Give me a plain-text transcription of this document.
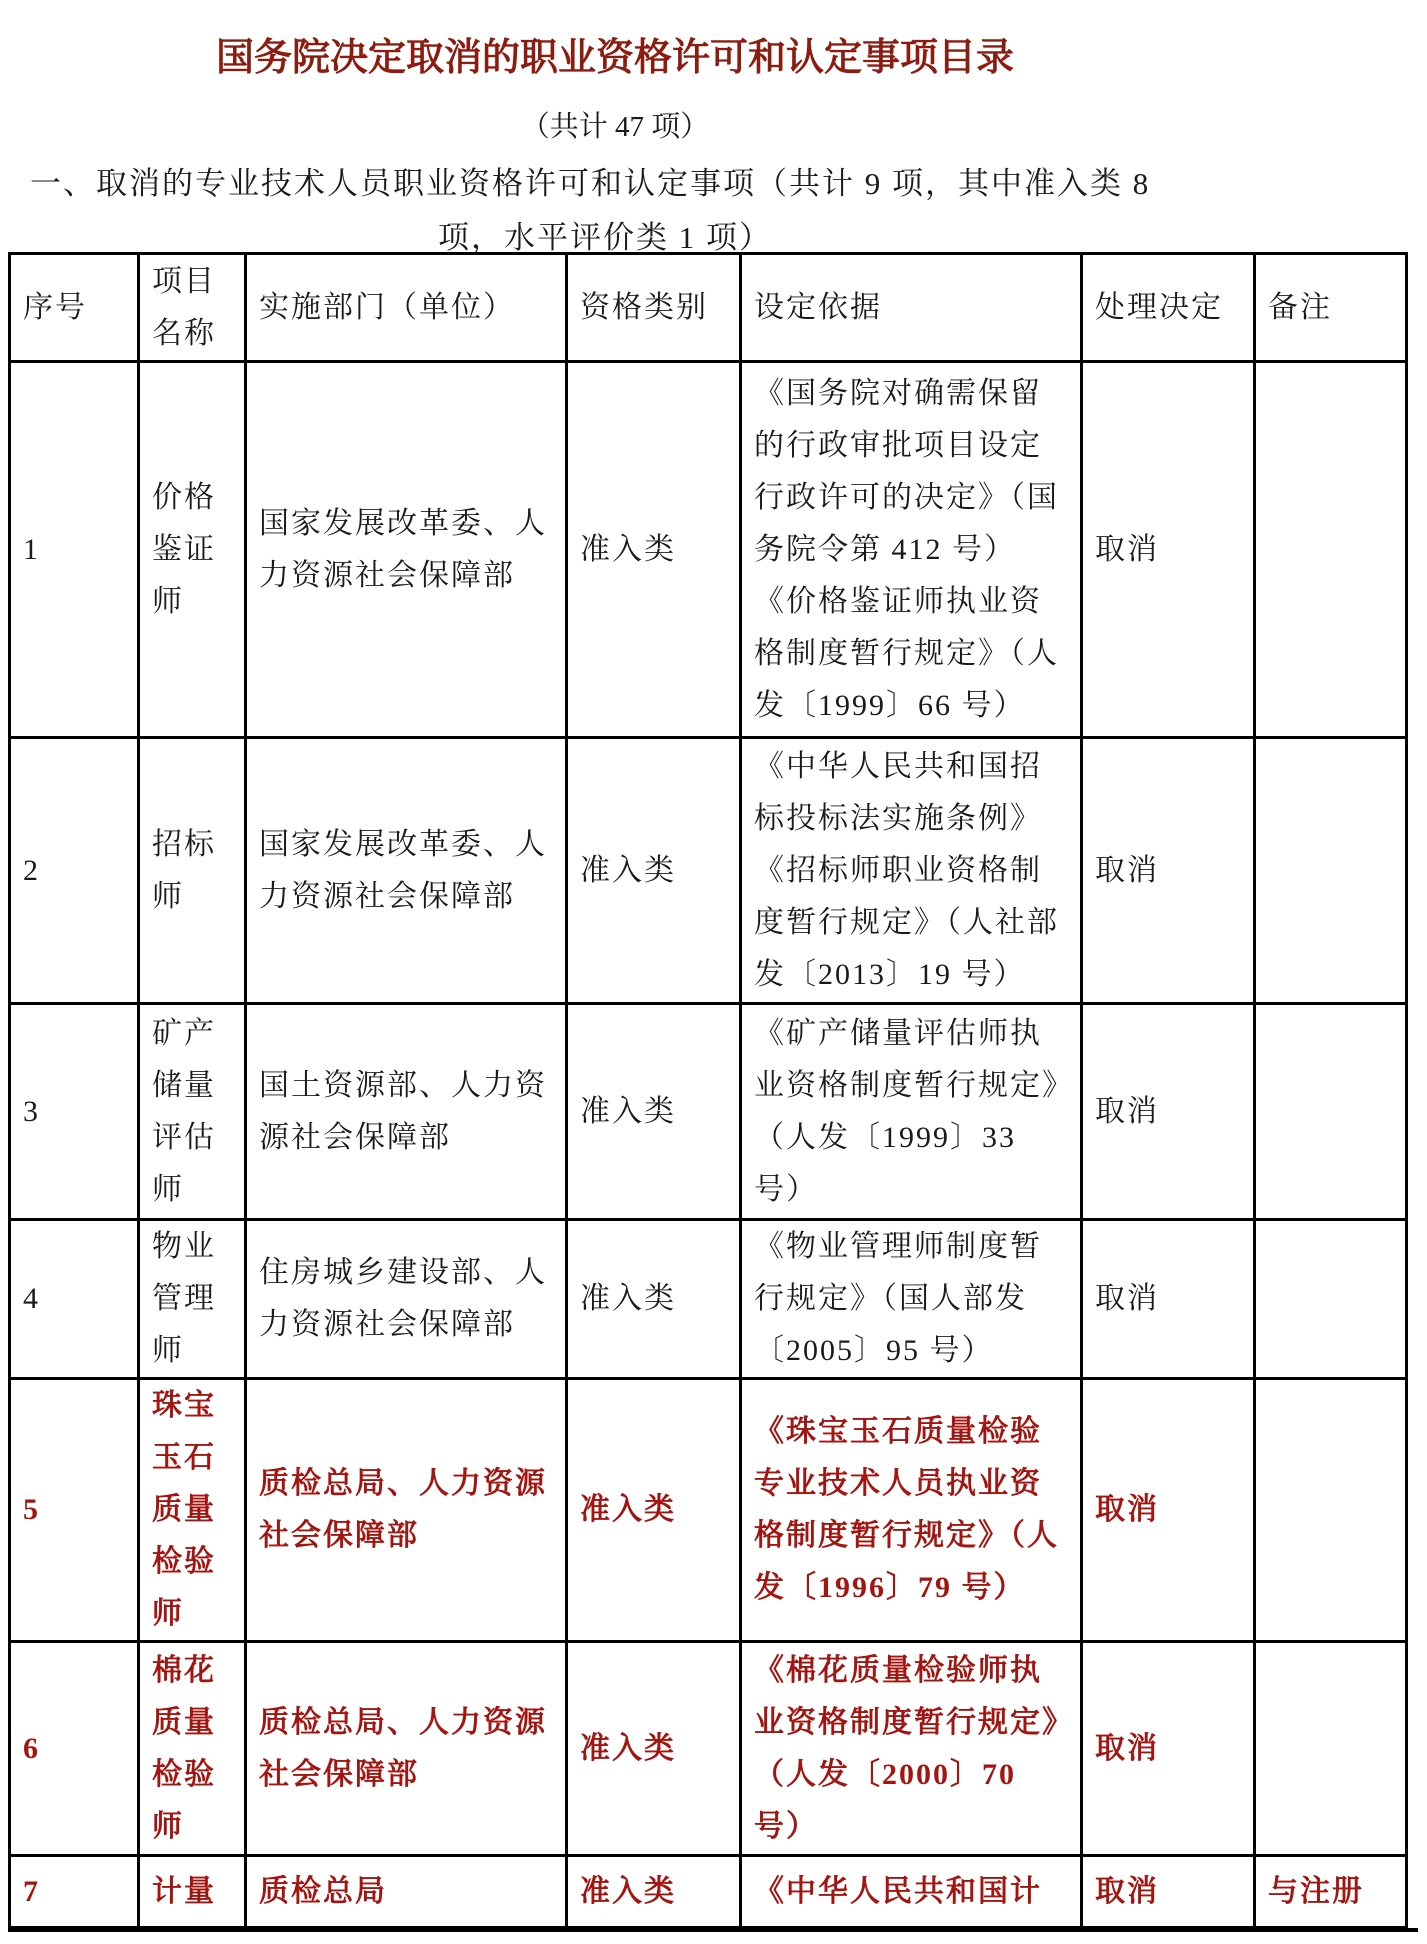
国务院决定取消的职业资格许可和认定事项目录
（共计 47 项）
一、取消的专业技术人员职业资格许可和认定事项（共计 9 项，其中准入类 8
项，水平评价类 1 项）
序号	项目名称	实施部门（单位）	资格类别	设定依据	处理决定	备注
1	价格鉴证师	国家发展改革委、人力资源社会保障部	准入类	《国务院对确需保留的行政审批项目设定行政许可的决定》（国务院令第 412 号）
《价格鉴证师执业资格制度暂行规定》（人发〔1999〕66 号）	取消	
2	招标师	国家发展改革委、人力资源社会保障部	准入类	《中华人民共和国招标投标法实施条例》
《招标师职业资格制度暂行规定》（人社部发〔2013〕19 号）	取消	
3	矿产储量评估师	国土资源部、人力资源社会保障部	准入类	《矿产储量评估师执业资格制度暂行规定》（人发〔1999〕33 号）	取消	
4	物业管理师	住房城乡建设部、人力资源社会保障部	准入类	《物业管理师制度暂行规定》（国人部发〔2005〕95 号）	取消	
5	珠宝玉石质量检验师	质检总局、人力资源社会保障部	准入类	《珠宝玉石质量检验专业技术人员执业资格制度暂行规定》（人发〔1996〕79 号）	取消	
6	棉花质量检验师	质检总局、人力资源社会保障部	准入类	《棉花质量检验师执业资格制度暂行规定》（人发〔2000〕70 号）	取消	
7	计量	质检总局	准入类	《中华人民共和国计	取消	与注册
